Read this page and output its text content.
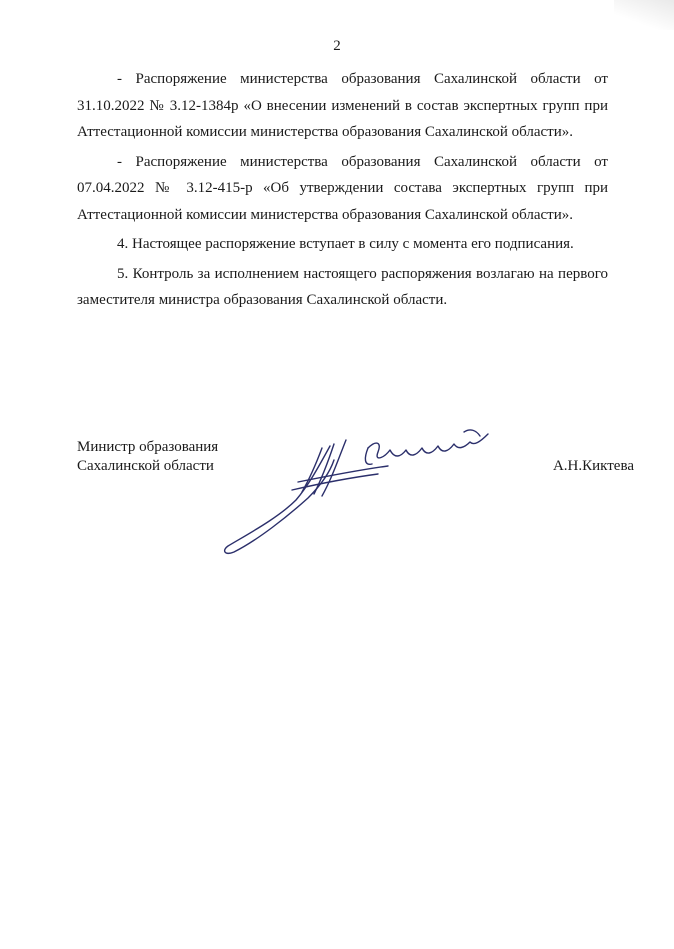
2

- Распоряжение министерства образования Сахалинской области от 31.10.2022 № 3.12-1384р «О внесении изменений в состав экспертных групп при Аттестационной комиссии министерства образования Сахалинской области».

- Распоряжение министерства образования Сахалинской области от 07.04.2022 № 3.12-415-р «Об утверждении состава экспертных групп при Аттестационной комиссии министерства образования Сахалинской области».

4. Настоящее распоряжение вступает в силу с момента его подписания.

5. Контроль за исполнением настоящего распоряжения возлагаю на первого заместителя министра образования Сахалинской области.

Министр образования
Сахалинской области	А.Н.Киктева
